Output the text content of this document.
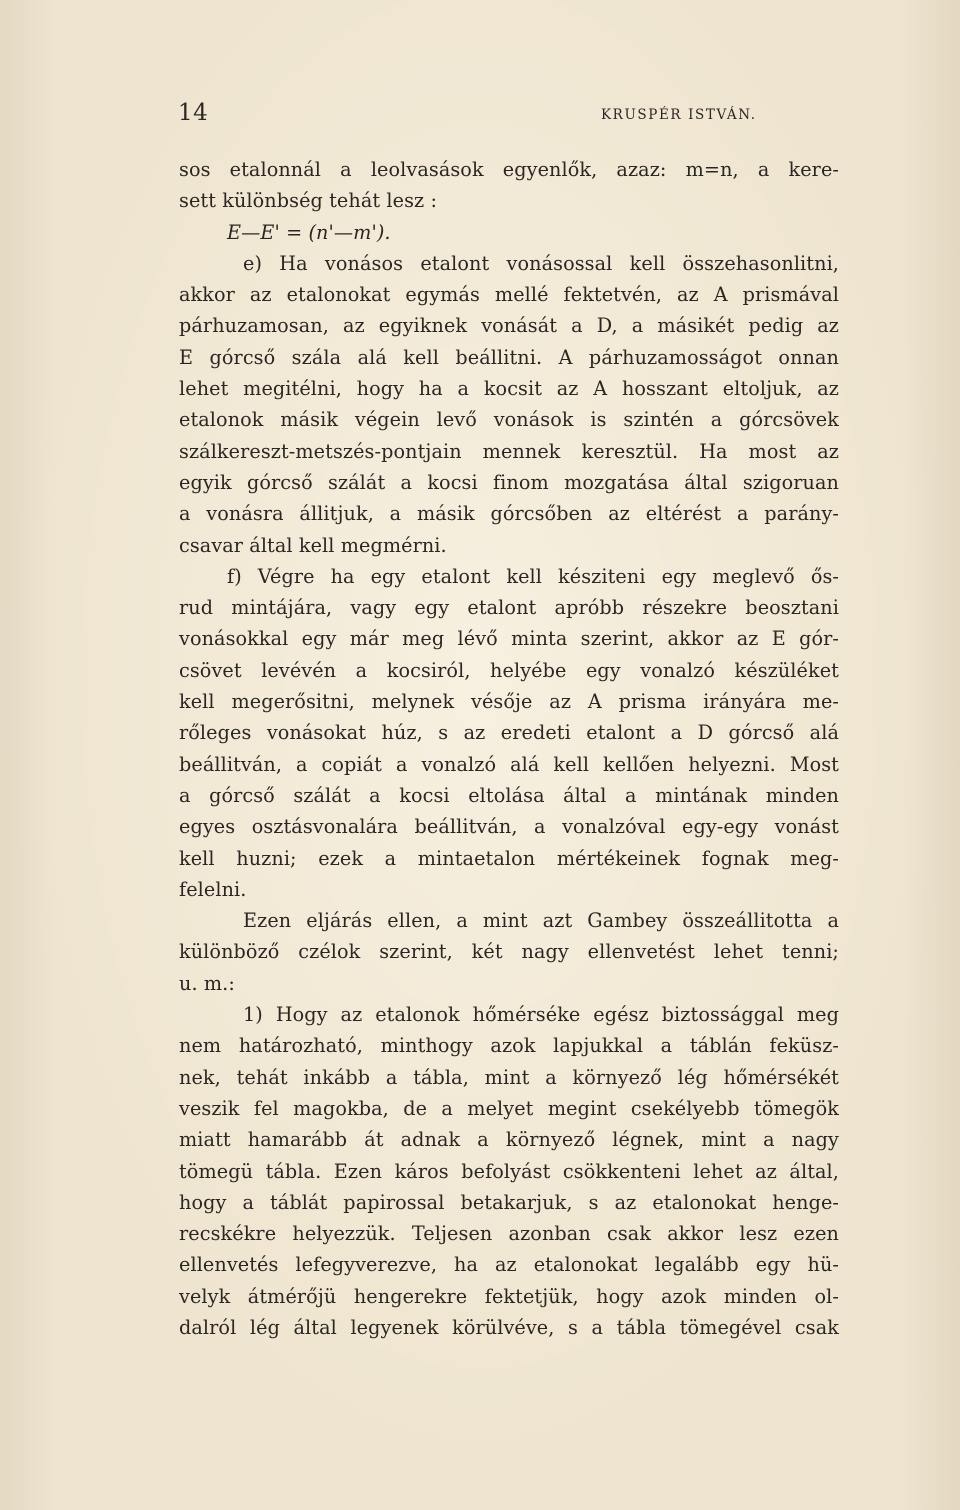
14	KRUSPÉR ISTVÁN.
sos etalonnál a leolvasások egyenlők, azaz: m=n, a kere-
sett különbség tehát lesz :
E—E' = (n'—m').
e) Ha vonásos etalont vonásossal kell összehasonlitni,
akkor az etalonokat egymás mellé fektetvén, az A prismával
párhuzamosan, az egyiknek vonását a D, a másikét pedig az
E górcső szála alá kell beállitni. A párhuzamosságot onnan
lehet megitélni, hogy ha a kocsit az A hosszant eltoljuk, az
etalonok másik végein levő vonások is szintén a górcsövek
szálkereszt-metszés-pontjain mennek keresztül. Ha most az
egyik górcső szálát a kocsi finom mozgatása által szigoruan
a vonásra állitjuk, a másik górcsőben az eltérést a parány-
csavar által kell megmérni.
f) Végre ha egy etalont kell késziteni egy meglevő ős-
rud mintájára, vagy egy etalont apróbb részekre beosztani
vonásokkal egy már meg lévő minta szerint, akkor az E gór-
csövet levévén a kocsiról, helyébe egy vonalzó készüléket
kell megerősitni, melynek vésője az A prisma irányára me-
rőleges vonásokat húz, s az eredeti etalont a D górcső alá
beállitván, a copiát a vonalzó alá kell kellően helyezni. Most
a górcső szálát a kocsi eltolása által a mintának minden
egyes osztásvonalára beállitván, a vonalzóval egy-egy vonást
kell huzni; ezek a mintaetalon mértékeinek fognak meg-
felelni.
Ezen eljárás ellen, a mint azt Gambey összeállitotta a
különböző czélok szerint, két nagy ellenvetést lehet tenni;
u. m.:
1) Hogy az etalonok hőmérséke egész biztossággal meg
nem határozható, minthogy azok lapjukkal a táblán feküsz-
nek, tehát inkább a tábla, mint a környező lég hőmérsékét
veszik fel magokba, de a melyet megint csekélyebb tömegök
miatt hamarább át adnak a környező légnek, mint a nagy
tömegü tábla. Ezen káros befolyást csökkenteni lehet az által,
hogy a táblát papirossal betakarjuk, s az etalonokat henge-
recskékre helyezzük. Teljesen azonban csak akkor lesz ezen
ellenvetés lefegyverezve, ha az etalonokat legalább egy hü-
velyk átmérőjü hengerekre fektetjük, hogy azok minden ol-
dalról lég által legyenek körülvéve, s a tábla tömegével csak
